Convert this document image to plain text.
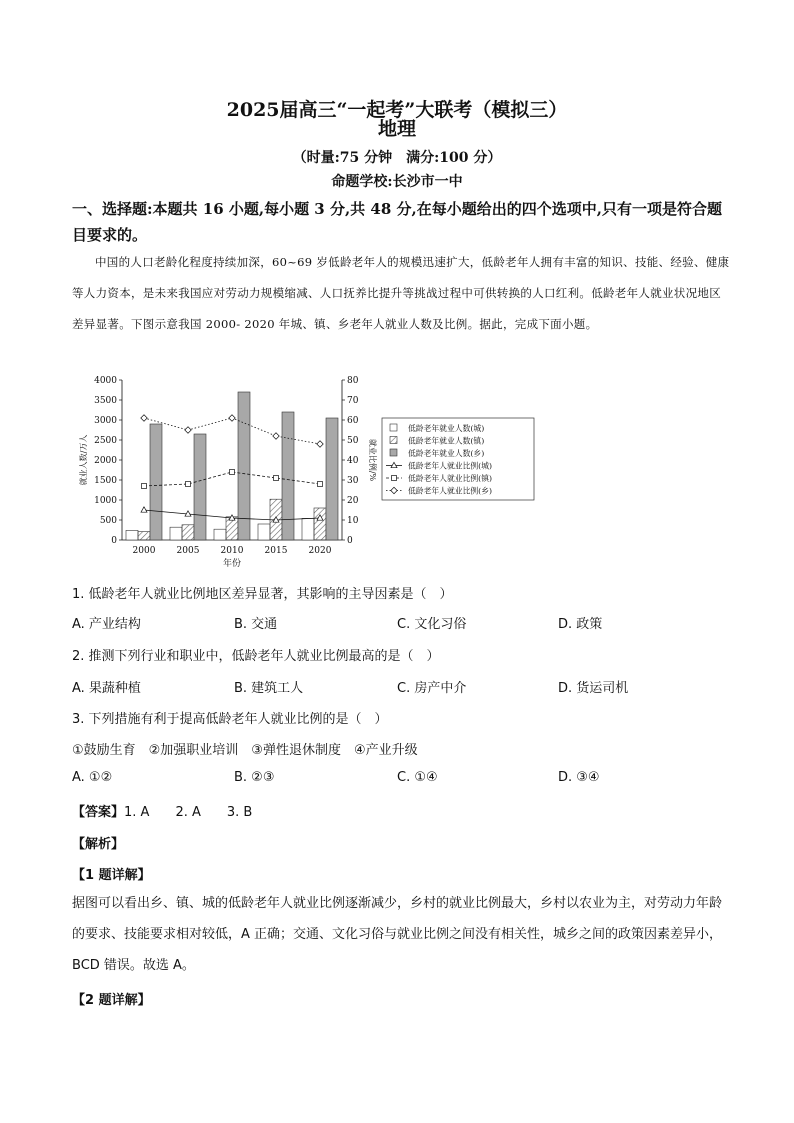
2025届高三“一起考”大联考（模拟三）
地理
（时量:75 分钟　满分:100 分）
命题学校:长沙市一中
一、选择题:本题共 16 小题,每小题 3 分,共 48 分,在每小题给出的四个选项中,只有一项是符合题目要求的。
中国的人口老龄化程度持续加深，60~69 岁低龄老年人的规模迅速扩大，低龄老年人拥有丰富的知识、技能、经验、健康等人力资本，是未来我国应对劳动力规模缩减、人口抚养比提升等挑战过程中可供转换的人口红利。低龄老年人就业状况地区差异显著。下图示意我国 2000- 2020 年城、镇、乡老年人就业人数及比例。据此，完成下面小题。
0
500
1000
1500
2000
2500
3000
3500
4000
0
10
20
30
40
50
60
70
80
就业人数/万人	就业比例/%
2000 2005 2010 2015 2020
年份
低龄老年就业人数(城)
低龄老年就业人数(镇)
低龄老年就业人数(乡)
低龄老年人就业比例(城)
低龄老年人就业比例(镇)
低龄老年人就业比例(乡)
1. 低龄老年人就业比例地区差异显著，其影响的主导因素是（　）
A. 产业结构	B. 交通	C. 文化习俗	D. 政策
2. 推测下列行业和职业中，低龄老年人就业比例最高的是（　）
A. 果蔬种植	B. 建筑工人	C. 房产中介	D. 货运司机
3. 下列措施有利于提高低龄老年人就业比例的是（　）
①鼓励生育　②加强职业培训　③弹性退休制度　④产业升级
A. ①②	B. ②③	C. ①④	D. ③④
【答案】1. A　　2. A　　3. B
【解析】
【1 题详解】
据图可以看出乡、镇、城的低龄老年人就业比例逐渐减少，乡村的就业比例最大，乡村以农业为主，对劳动力年龄的要求、技能要求相对较低，A 正确；交通、文化习俗与就业比例之间没有相关性，城乡之间的政策因素差异小，BCD 错误。故选 A。
【2 题详解】
